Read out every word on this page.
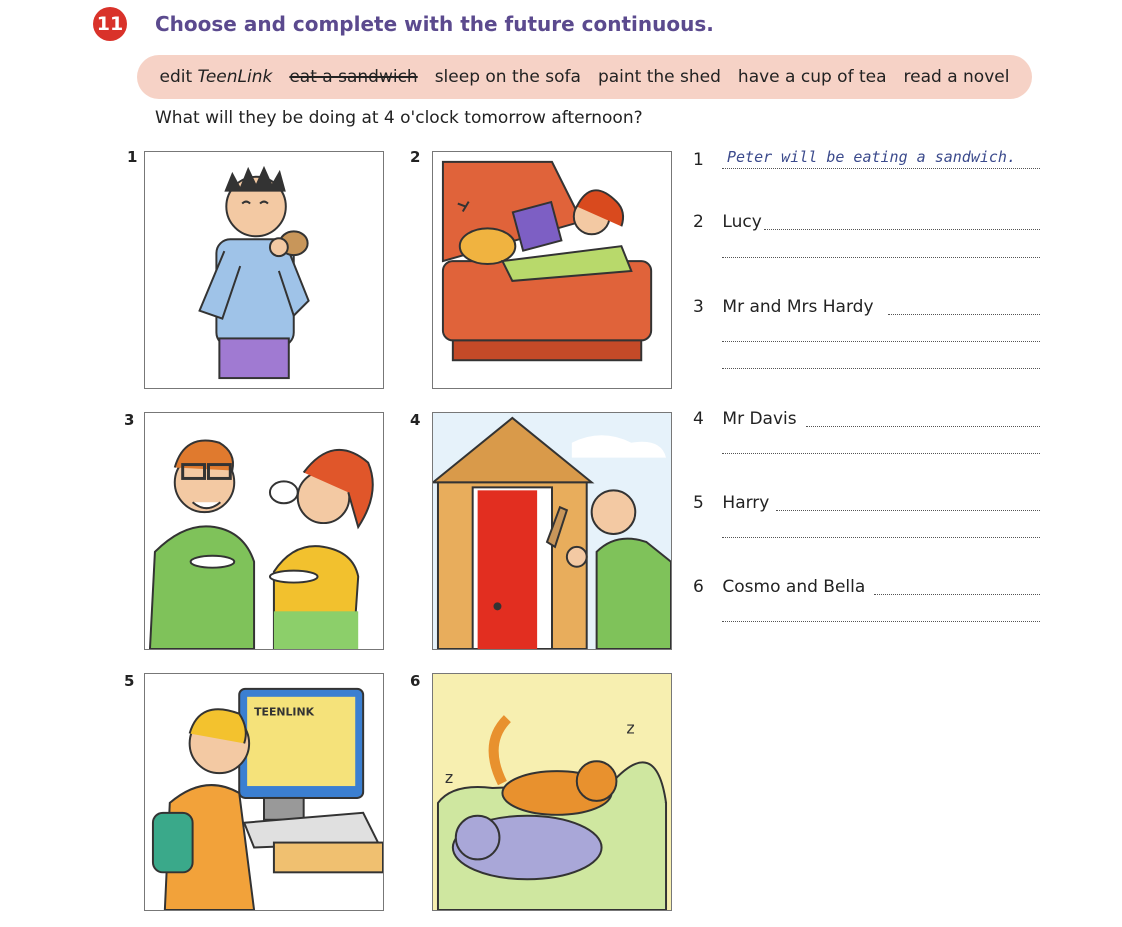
11 Choose and complete with the future continuous.
edit TeenLink eat a sandwich sleep on the sofa paint the shed have a cup of tea read a novel
What will they be doing at 4 o'clock tomorrow afternoon?
1	2
3	4
5	6
TEENLINK
z
z
1	Peter will be eating a sandwich.
2 Lucy
3 Mr and Mrs Hardy
4 Mr Davis
5 Harry
6 Cosmo and Bella
